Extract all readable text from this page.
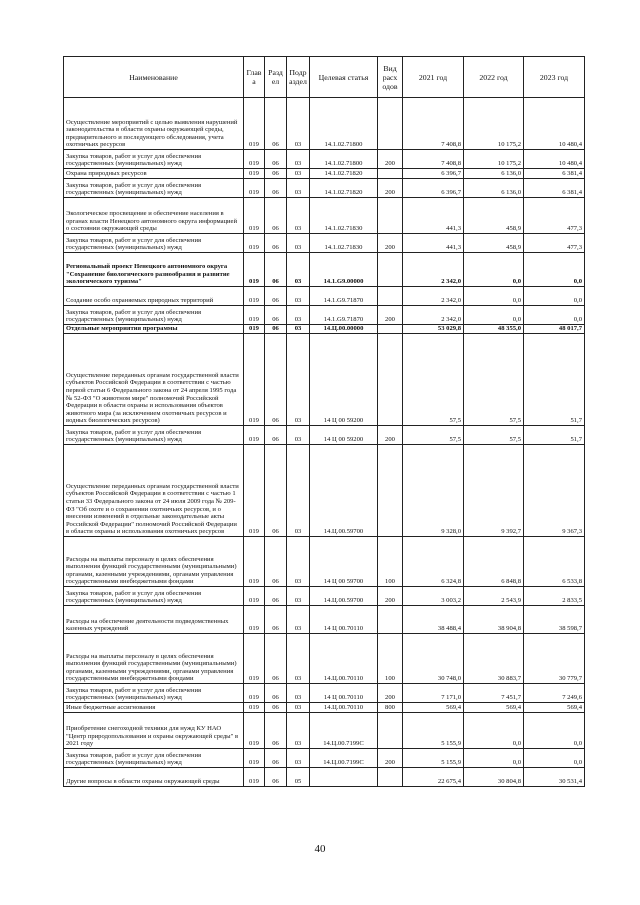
Наименование	Глав а	Разд ел	Подр аздел	Целевая статья	Вид расх одов	2021 год	2022 год	2023 год
Осуществление мероприятий с целью выявления нарушений законодательства в области охраны окружающей среды, предварительного и последующего обследования, учета охотничьих ресурсов	019	06	03	14.1.02.71800		7 408,8	10 175,2	10 480,4
Закупка товаров, работ и услуг для обеспечения государственных (муниципальных) нужд	019	06	03	14.1.02.71800	200	7 408,8	10 175,2	10 480,4
Охрана природных ресурсов	019	06	03	14.1.02.71820		6 396,7	6 136,0	6 381,4
Закупка товаров, работ и услуг для обеспечения государственных (муниципальных) нужд	019	06	03	14.1.02.71820	200	6 396,7	6 136,0	6 381,4
Экологическое просвещение и обеспечение населения в органах власти Ненецкого автономного округа информацией о состоянии окружающей среды	019	06	03	14.1.02.71830		441,3	458,9	477,3
Закупка товаров, работ и услуг для обеспечения государственных (муниципальных) нужд	019	06	03	14.1.02.71830	200	441,3	458,9	477,3
Региональный проект Ненецкого автономного округа "Сохранение биологического разнообразия и развитие экологического туризма"	019	06	03	14.1.G9.00000		2 342,0	0,0	0,0
Создание особо охраняемых природных территорий	019	06	03	14.1.G9.71870		2 342,0	0,0	0,0
Закупка товаров, работ и услуг для обеспечения государственных (муниципальных) нужд	019	06	03	14.1.G9.71870	200	2 342,0	0,0	0,0
Отдельные мероприятия программы	019	06	03	14.Ц.00.00000		53 029,8	48 355,0	48 017,7
Осуществление переданных органам государственной власти субъектов Российской Федерации в соответствии с частью первой статьи 6 Федерального закона от 24 апреля 1995 года № 52-ФЗ "О животном мире" полномочий Российской Федерации в области охраны и использования объектов животного мира (за исключением охотничьих ресурсов и водных биологических ресурсов)	019	06	03	14 Ц 00 59200		57,5	57,5	51,7
Закупка товаров, работ и услуг для обеспечения государственных (муниципальных) нужд	019	06	03	14 Ц 00 59200	200	57,5	57,5	51,7
Осуществление переданных органам государственной власти субъектов Российской Федерации в соответствии с частью 1 статьи 33 Федерального закона от 24 июля 2009 года № 209-ФЗ "Об охоте и о сохранении охотничьих ресурсов, и о внесении изменений в отдельные законодательные акты Российской Федерации" полномочий Российской Федерации в области охраны и использования охотничьих ресурсов	019	06	03	14.Ц.00.59700		9 328,0	9 392,7	9 367,3
Расходы на выплаты персоналу в целях обеспечения выполнения функций государственными (муниципальными) органами, казенными учреждениями, органами управления государственными внебюджетными фондами	019	06	03	14 Ц 00 59700	100	6 324,8	6 848,8	6 533,8
Закупка товаров, работ и услуг для обеспечения государственных (муниципальных) нужд	019	06	03	14.Ц.00.59700	200	3 003,2	2 543,9	2 833,5
Расходы на обеспечение деятельности подведомственных казенных учреждений	019	06	03	14 Ц 00.70110		38 488,4	38 904,8	38 598,7
Расходы на выплаты персоналу в целях обеспечения выполнения функций государственными (муниципальными) органами, казенными учреждениями, органами управления государственными внебюджетными фондами	019	06	03	14.Ц.00.70110	100	30 748,0	30 883,7	30 779,7
Закупка товаров, работ и услуг для обеспечения государственных (муниципальных) нужд	019	06	03	14 Ц 00.70110	200	7 171,0	7 451,7	7 249,6
Иные бюджетные ассигнования	019	06	03	14.Ц.00.70110	800	569,4	569,4	569,4
Приобретение снегоходной техники для нужд КУ НАО "Центр природопользования и охраны окружающей среды" в 2021 году	019	06	03	14.Ц.00.7199С		5 155,9	0,0	0,0
Закупка товаров, работ и услуг для обеспечения государственных (муниципальных) нужд	019	06	03	14.Ц.00.7199С	200	5 155,9	0,0	0,0
Другие вопросы в области охраны окружающей среды	019	06	05			22 675,4	30 804,8	30 531,4
40
